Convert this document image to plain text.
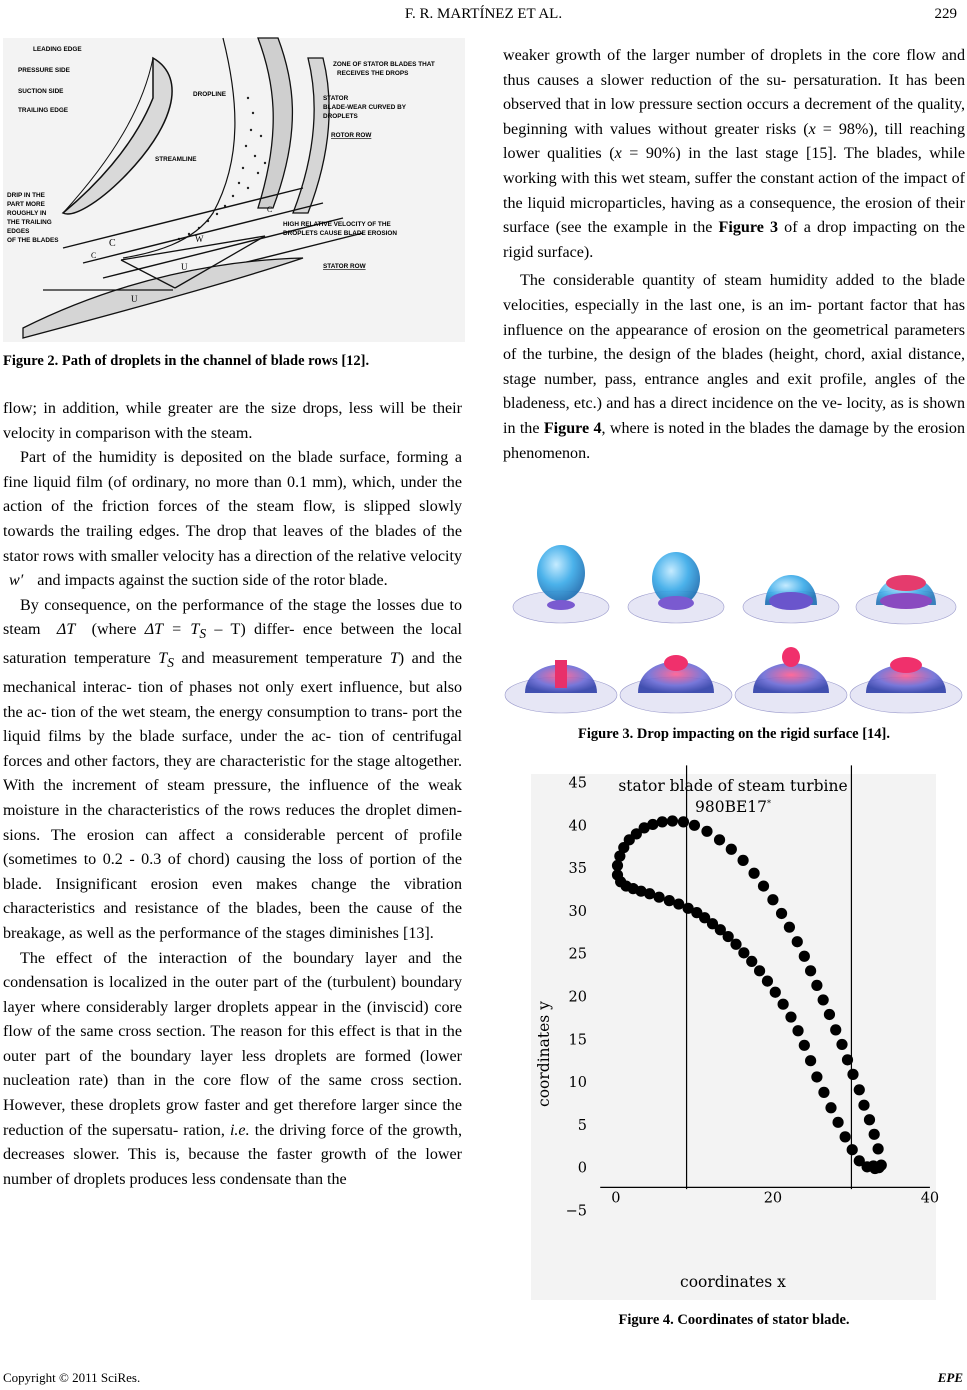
F. R. MARTÍNEZ ET AL.	229
LEADING EDGE
PRESSURE SIDE
SUCTION SIDE
TRAILING EDGE
DROPLINE
ZONE OF STATOR BLADES THAT
RECEIVES THE DROPS
STATOR
BLADE-WEAR CURVED BY
DROPLETS
ROTOR ROW
STREAMLINE
DRIP IN THE
PART MORE
ROUGHLY IN
THE TRAILING
EDGES
OF THE BLADES
HIGH RELATIVE VELOCITY OF THE
DROPLETS CAUSE BLADE EROSION
STATOR ROW
C
C
C
W
U
U
Figure 2. Path of droplets in the channel of blade rows [12].

flow; in addition, while greater are the size drops, less will be their velocity in comparison with the steam.

Part of the humidity is deposited on the blade surface, forming a fine liquid film (of ordinary, no more than 0.1 mm), which, under the action of the friction forces of the steam flow, is slipped slowly towards the trailing edges. The drop that leaves of the blades of the stator rows with smaller velocity has a direction of the relative velocity w′ and impacts against the suction side of the rotor blade.

By consequence, on the performance of the stage the losses due to steam ΔT (where $\Delta T = T_S - T$) differ- ence between the local saturation temperature $T_S$ and measurement temperature T) and the mechanical interac- tion of phases not only exert influence, but also the ac- tion of the wet steam, the energy consumption to trans- port the liquid films by the blade surface, under the ac- tion of centrifugal forces and other factors, they are characteristic for the stage altogether. With the increment of steam pressure, the influence of the weak moisture in the characteristics of the rows reduces the droplet dimen- sions. The erosion can affect a considerable percent of profile (sometimes to 0.2 - 0.3 of chord) causing the loss of portion of the blade. Insignificant erosion even makes change the vibration characteristics and resistance of the blades, been the cause of the breakage, as well as the performance of the stages diminishes [13].

The effect of the interaction of the boundary layer and the condensation is localized in the outer part of the (turbulent) boundary layer where considerably larger droplets appear in the (inviscid) core flow of the same cross section. The reason for this effect is that in the outer part of the boundary layer less droplets are formed (lower nucleation rate) than in the core flow of the same cross section. However, these droplets grow faster and get therefore larger since the reduction of the supersatu- ration, i.e. the driving force of the growth, decreases slower. This is, because the faster growth of the lower number of droplets produces less condensate than the

weaker growth of the larger number of droplets in the core flow and thus causes a slower reduction of the su- persaturation. It has been observed that in low pressure section occurs a decrement of the quality, beginning with values without greater risks (x = 98%), till reaching lower qualities (x = 90%) in the last stage [15]. The blades, while working with this wet steam, suffer the constant action of the impact of the liquid microparticles, having as a consequence, the erosion of their surface (see the example in the Figure 3 of a drop impacting on the rigid surface).

The considerable quantity of steam humidity added to the blade velocities, especially in the last one, is an im- portant factor that has influence on the appearance of erosion on the geometrical parameters of the turbine, the design of the blades (height, chord, axial distance, stage number, pass, entrance angles and exit profile, angles of the bladeness, etc.) and has a direct incidence on the ve- locity, as is shown in the Figure 4, where is noted in the blades the damage by the erosion phenomenon.

Figure 3. Drop impacting on the rigid surface [14].
stator blade of steam turbine
980BE17*
coordinates x
coordinates y
45
40
35
30
25
20
15
10
5
0
−5
0	20	40
Figure 4. Coordinates of stator blade.
Copyright © 2011 SciRes.	EPE
